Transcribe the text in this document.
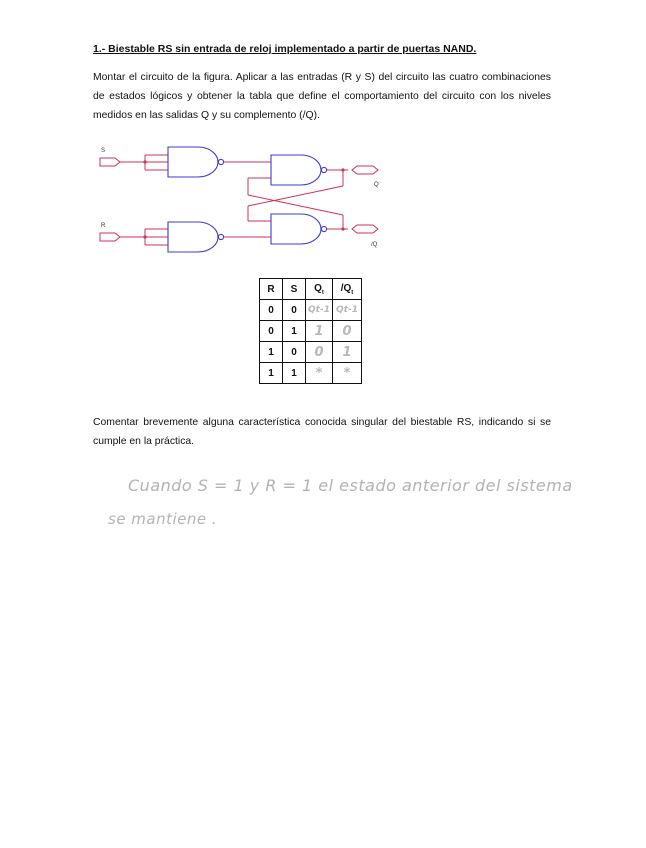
1.- Biestable RS sin entrada de reloj implementado a partir de puertas NAND.
Montar el circuito de la figura. Aplicar a las entradas (R y S) del circuito las cuatro combinaciones de estados lógicos y obtener la tabla que define el comportamiento del circuito con los niveles medidos en las salidas Q y su complemento (/Q).
S
R
Q
/Q
R	S	$Q_t$	$/Q_t$
0	0	Qt-1	Qt-1
0	1	1	0
1	0	0	1
1	1	*	*
Comentar brevemente alguna característica conocida singular del biestable RS, indicando si se cumple en la práctica.
Cuando S = 1 y R = 1 el estado anterior del sistema
se mantiene .
